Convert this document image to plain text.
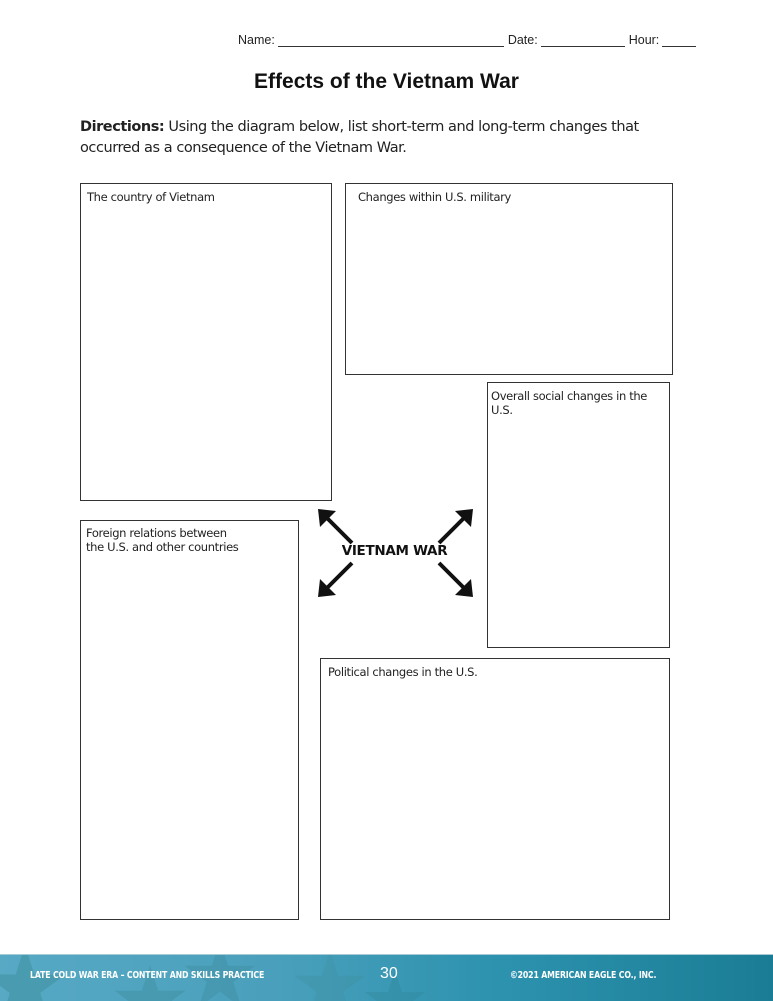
Name:	Date:	Hour:
Effects of the Vietnam War
Directions: Using the diagram below, list short-term and long-term changes that occurred as a consequence of the Vietnam War.
The country of Vietnam	Changes within U.S. military
Overall social changes in the U.S.
Foreign relations between the U.S. and other countries
Political changes in the U.S.
VIETNAM WAR
LATE COLD WAR ERA – CONTENT AND SKILLS PRACTICE	30	©2021 AMERICAN EAGLE CO., INC.
